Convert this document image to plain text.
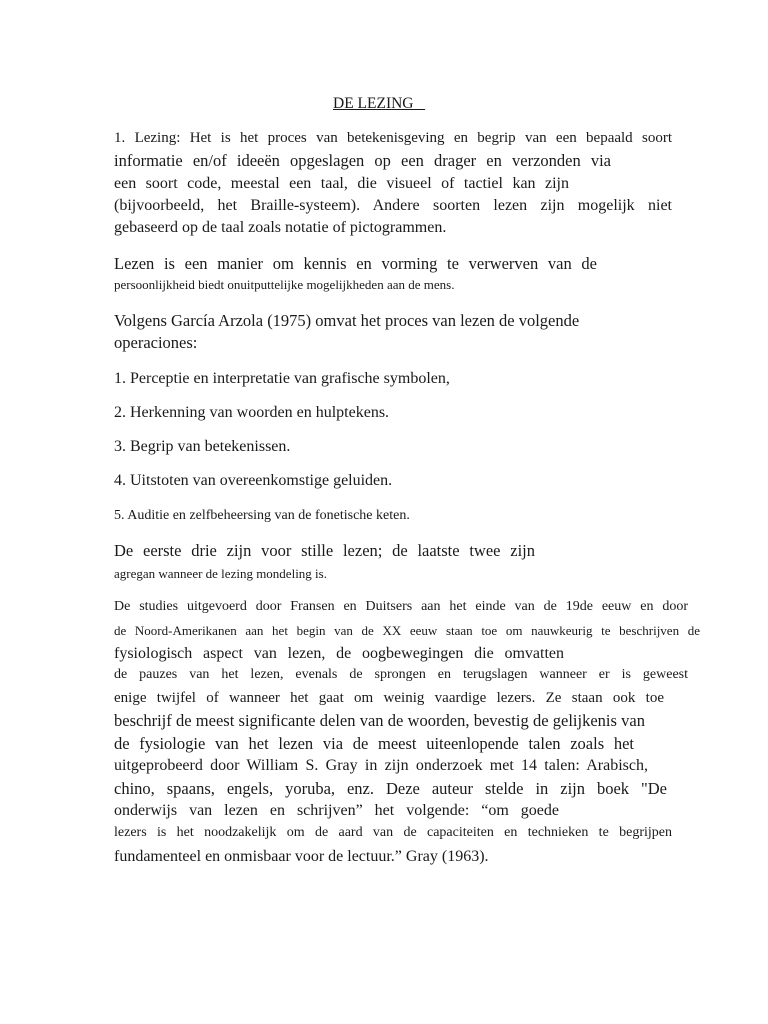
DE LEZING
1. Lezing: Het is het proces van betekenisgeving en begrip van een bepaald soort
informatie en/of ideeën opgeslagen op een drager en verzonden via
een soort code, meestal een taal, die visueel of tactiel kan zijn
(bijvoorbeeld, het Braille-systeem). Andere soorten lezen zijn mogelijk niet
gebaseerd op de taal zoals notatie of pictogrammen.
Lezen is een manier om kennis en vorming te verwerven van de
persoonlijkheid biedt onuitputtelijke mogelijkheden aan de mens.
Volgens García Arzola (1975) omvat het proces van lezen de volgende
operaciones:
1. Perceptie en interpretatie van grafische symbolen,
2. Herkenning van woorden en hulptekens.
3. Begrip van betekenissen.
4. Uitstoten van overeenkomstige geluiden.
5. Auditie en zelfbeheersing van de fonetische keten.
De eerste drie zijn voor stille lezen; de laatste twee zijn
agregan wanneer de lezing mondeling is.
De studies uitgevoerd door Fransen en Duitsers aan het einde van de 19de eeuw en door
de Noord-Amerikanen aan het begin van de XX eeuw staan toe om nauwkeurig te beschrijven de
fysiologisch aspect van lezen, de oogbewegingen die omvatten
de pauzes van het lezen, evenals de sprongen en terugslagen wanneer er is geweest
enige twijfel of wanneer het gaat om weinig vaardige lezers. Ze staan ook toe
beschrijf de meest significante delen van de woorden, bevestig de gelijkenis van
de fysiologie van het lezen via de meest uiteenlopende talen zoals het
uitgeprobeerd door William S. Gray in zijn onderzoek met 14 talen: Arabisch,
chino, spaans, engels, yoruba, enz. Deze auteur stelde in zijn boek "De
onderwijs van lezen en schrijven” het volgende: “om goede
lezers is het noodzakelijk om de aard van de capaciteiten en technieken te begrijpen
fundamenteel en onmisbaar voor de lectuur.” Gray (1963).
